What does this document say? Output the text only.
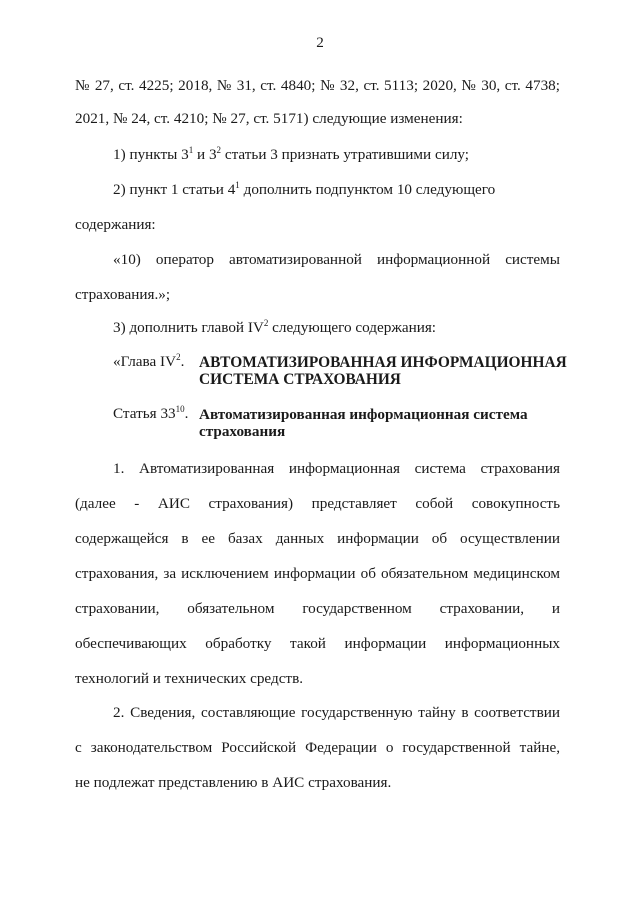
2
№ 27, ст. 4225; 2018, № 31, ст. 4840; № 32, ст. 5113; 2020, № 30, ст. 4738;
2021, № 24, ст. 4210; № 27, ст. 5171) следующие изменения:
1) пункты $3^1$ и $3^2$ статьи 3 признать утратившими силу;
2) пункт 1 статьи $4^1$ дополнить подпунктом 10 следующего
содержания:
«10) оператор автоматизированной информационной системы
страхования.»;
3) дополнить главой $IV^2$ следующего содержания:
«Глава $IV^2$. АВТОМАТИЗИРОВАННАЯ ИНФОРМАЦИОННАЯ
СИСТЕМА СТРАХОВАНИЯ
Статья $33^{10}$. Автоматизированная информационная система
страхования
1. Автоматизированная информационная система страхования
(далее - АИС страхования) представляет собой совокупность
содержащейся в ее базах данных информации об осуществлении
страхования, за исключением информации об обязательном медицинском
страховании, обязательном государственном страховании, и
обеспечивающих обработку такой информации информационных
технологий и технических средств.
2. Сведения, составляющие государственную тайну в соответствии
с законодательством Российской Федерации о государственной тайне,
не подлежат представлению в АИС страхования.
